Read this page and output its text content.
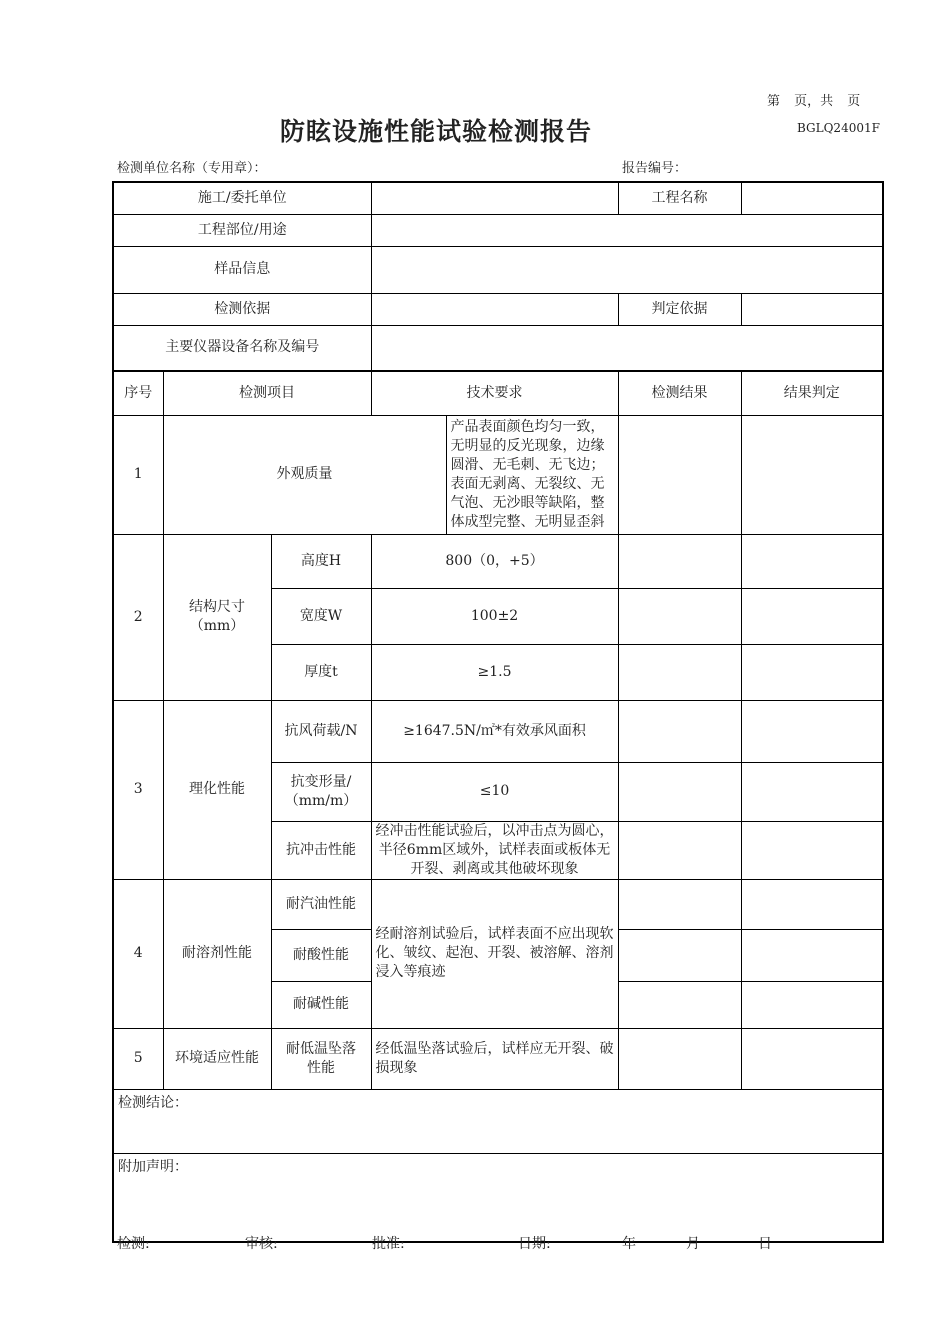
第 页，共 页
防眩设施性能试验检测报告	BGLQ24001F
检测单位名称（专用章）：	报告编号：
施工/委托单位					工程名称	
工程部位/用途						
样品信息						
检测依据					判定依据	
主要仪器设备名称及编号						
序号	检测项目		技术要求		检测结果	结果判定
1	外观质量			产品表面颜色均匀一致，无明显的反光现象，边缘圆滑、无毛刺、无飞边；表面无剥离、无裂纹、无气泡、无沙眼等缺陷，整体成型完整、无明显歪斜		
2	结构尺寸（mm）	高度H	800（0，+5）			
		宽度W	100±2			
		厚度t	≥1.5			
3	理化性能	抗风荷载/N	≥1647.5N/㎡*有效承风面积			
		抗变形量/（mm/m）	≤10			
		抗冲击性能	经冲击性能试验后，以冲击点为圆心，半径6mm区域外，试样表面或板体无开裂、剥离或其他破坏现象			
4	耐溶剂性能	耐汽油性能	经耐溶剂试验后，试样表面不应出现软化、皱纹、起泡、开裂、被溶解、溶剂浸入等痕迹			
		耐酸性能				
		耐碱性能				
5	环境适应性能	耐低温坠落性能	经低温坠落试验后，试样应无开裂、破损现象			
检测结论：						
附加声明：						
检测:	审核:	批准:	日期:	年	月	日
